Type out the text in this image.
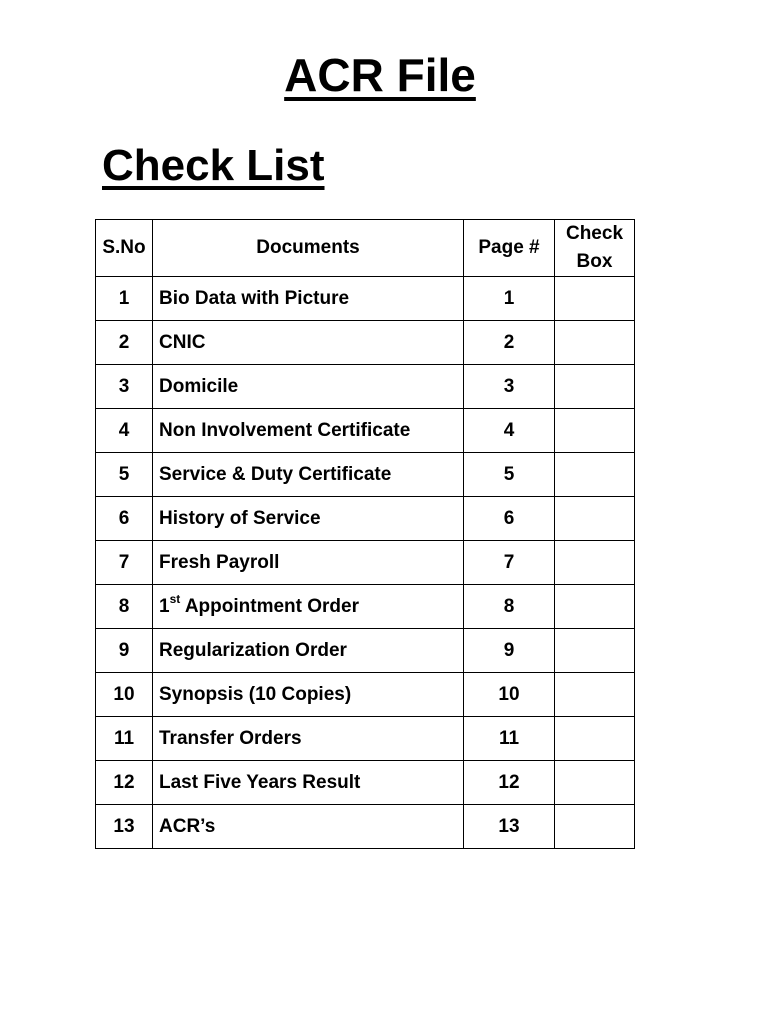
ACR File
Check List
S.No	Documents	Page #	Check
Box
1	Bio Data with Picture	1	
2	CNIC	2	
3	Domicile	3	
4	Non Involvement Certificate	4	
5	Service & Duty Certificate	5	
6	History of Service	6	
7	Fresh Payroll	7	
8	1st Appointment Order	8	
9	Regularization Order	9	
10	Synopsis (10 Copies)	10	
11	Transfer Orders	11	
12	Last Five Years Result	12	
13	ACR’s	13	
